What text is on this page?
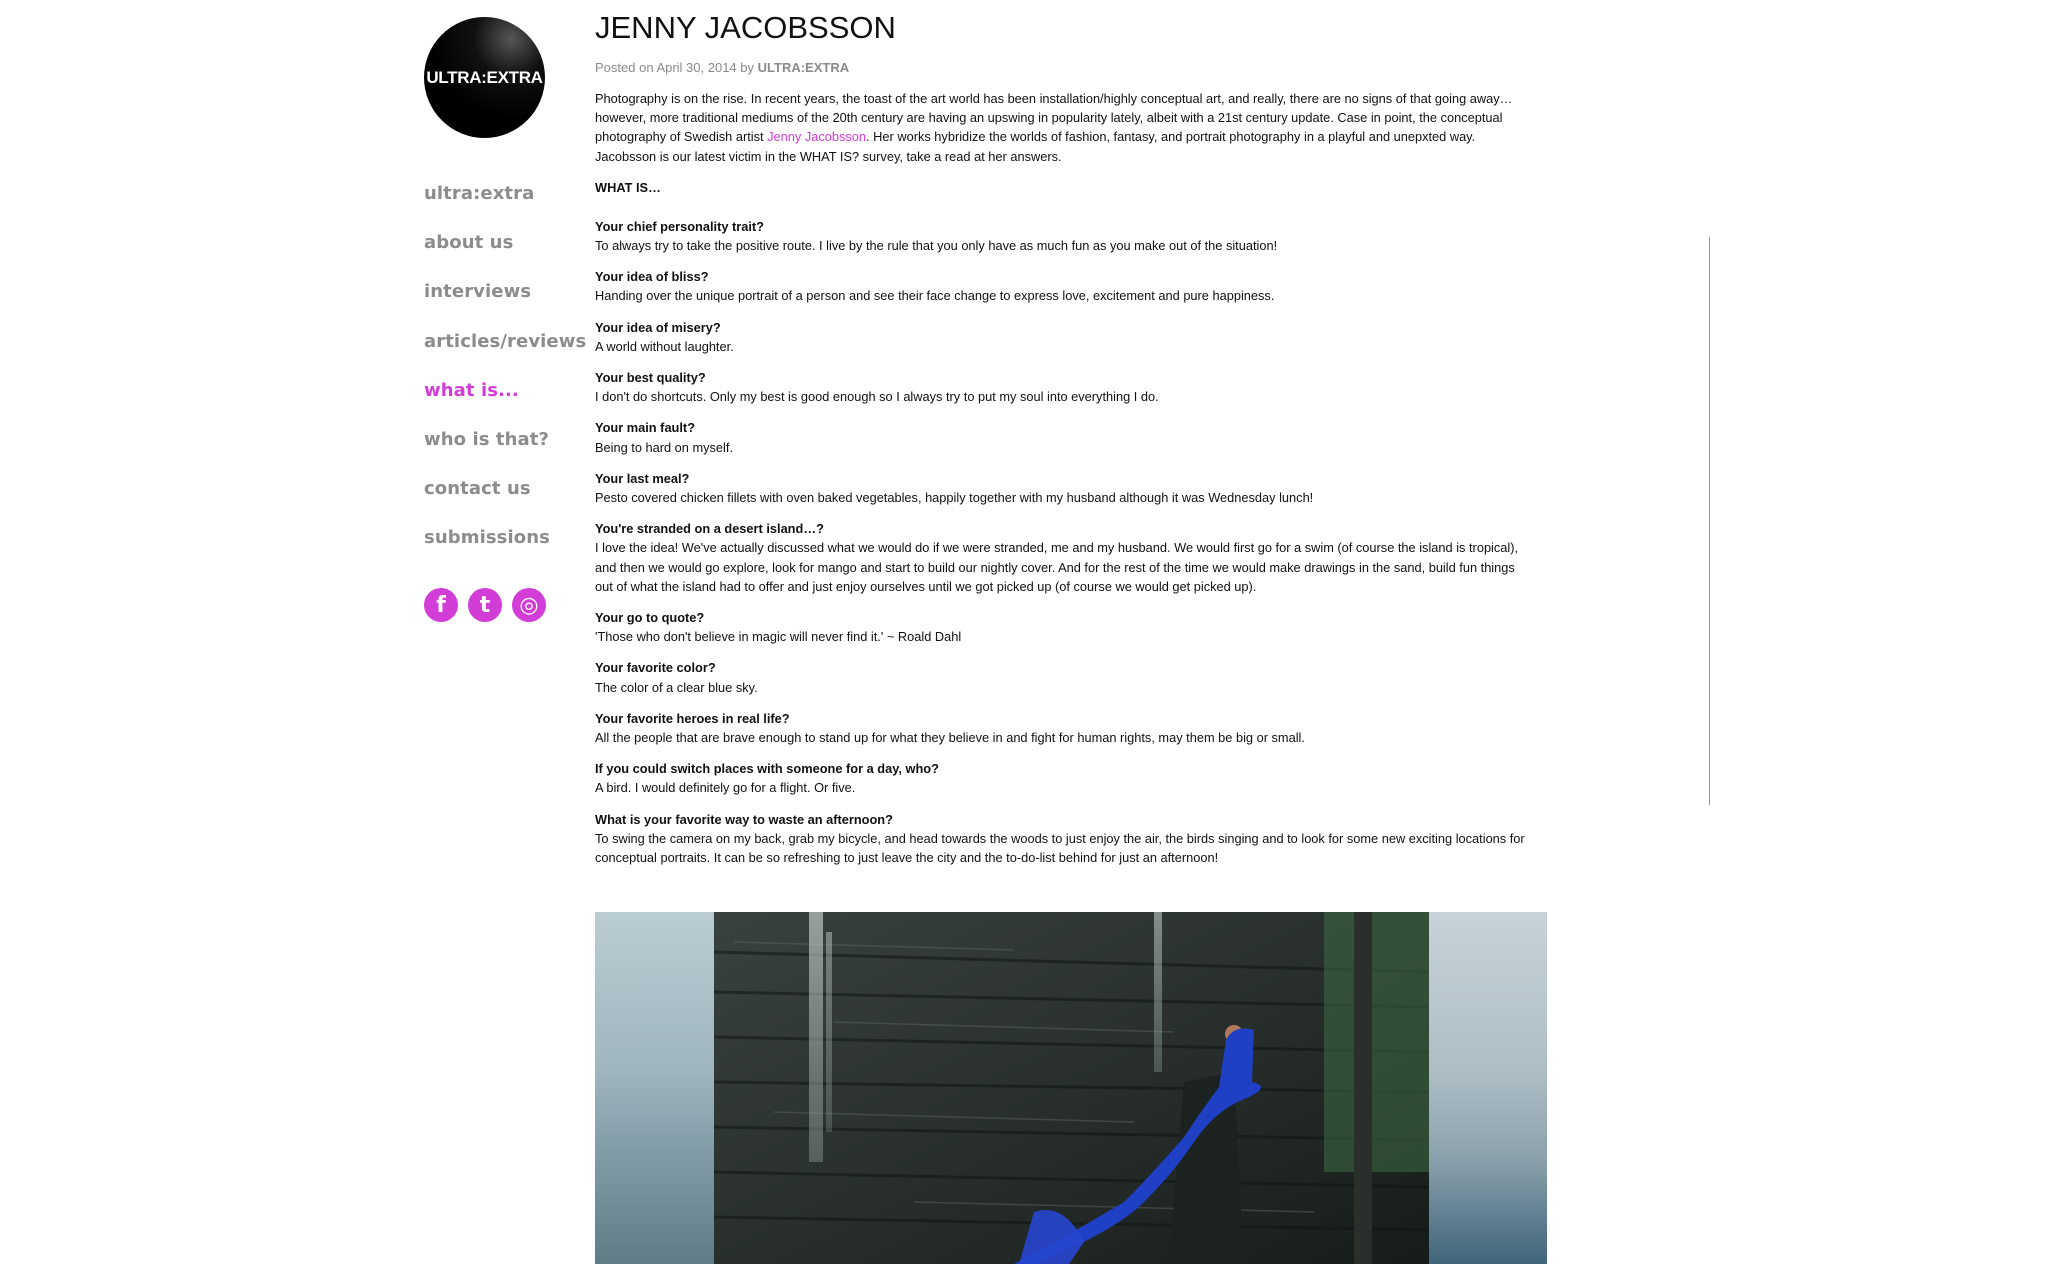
ULTRA:EXTRA
ultra:extra
about us
interviews
articles/reviews
what is...
who is that?
contact us
submissions
f t ◎
JENNY JACOBSSON
Posted on April 30, 2014 by ULTRA:EXTRA
Photography is on the rise. In recent years, the toast of the art world has been installation/highly conceptual art, and really, there are no signs of that going away…however, more traditional mediums of the 20th century are having an upswing in popularity lately, albeit with a 21st century update. Case in point, the conceptual photography of Swedish artist Jenny Jacobsson. Her works hybridize the worlds of fashion, fantasy, and portrait photography in a playful and unepxted way. Jacobsson is our latest victim in the WHAT IS? survey, take a read at her answers.
WHAT IS…
Your chief personality trait?
To always try to take the positive route. I live by the rule that you only have as much fun as you make out of the situation!
Your idea of bliss?
Handing over the unique portrait of a person and see their face change to express love, excitement and pure happiness.
Your idea of misery?
A world without laughter.
Your best quality?
I don't do shortcuts. Only my best is good enough so I always try to put my soul into everything I do.
Your main fault?
Being to hard on myself.
Your last meal?
Pesto covered chicken fillets with oven baked vegetables, happily together with my husband although it was Wednesday lunch!
You're stranded on a desert island…?
I love the idea! We've actually discussed what we would do if we were stranded, me and my husband. We would first go for a swim (of course the island is tropical), and then we would go explore, look for mango and start to build our nightly cover. And for the rest of the time we would make drawings in the sand, build fun things out of what the island had to offer and just enjoy ourselves until we got picked up (of course we would get picked up).
Your go to quote?
'Those who don't believe in magic will never find it.' ~ Roald Dahl
Your favorite color?
The color of a clear blue sky.
Your favorite heroes in real life?
All the people that are brave enough to stand up for what they believe in and fight for human rights, may them be big or small.
If you could switch places with someone for a day, who?
A bird. I would definitely go for a flight. Or five.
What is your favorite way to waste an afternoon?
To swing the camera on my back, grab my bicycle, and head towards the woods to just enjoy the air, the birds singing and to look for some new exciting locations for conceptual portraits. It can be so refreshing to just leave the city and the to-do-list behind for just an afternoon!
